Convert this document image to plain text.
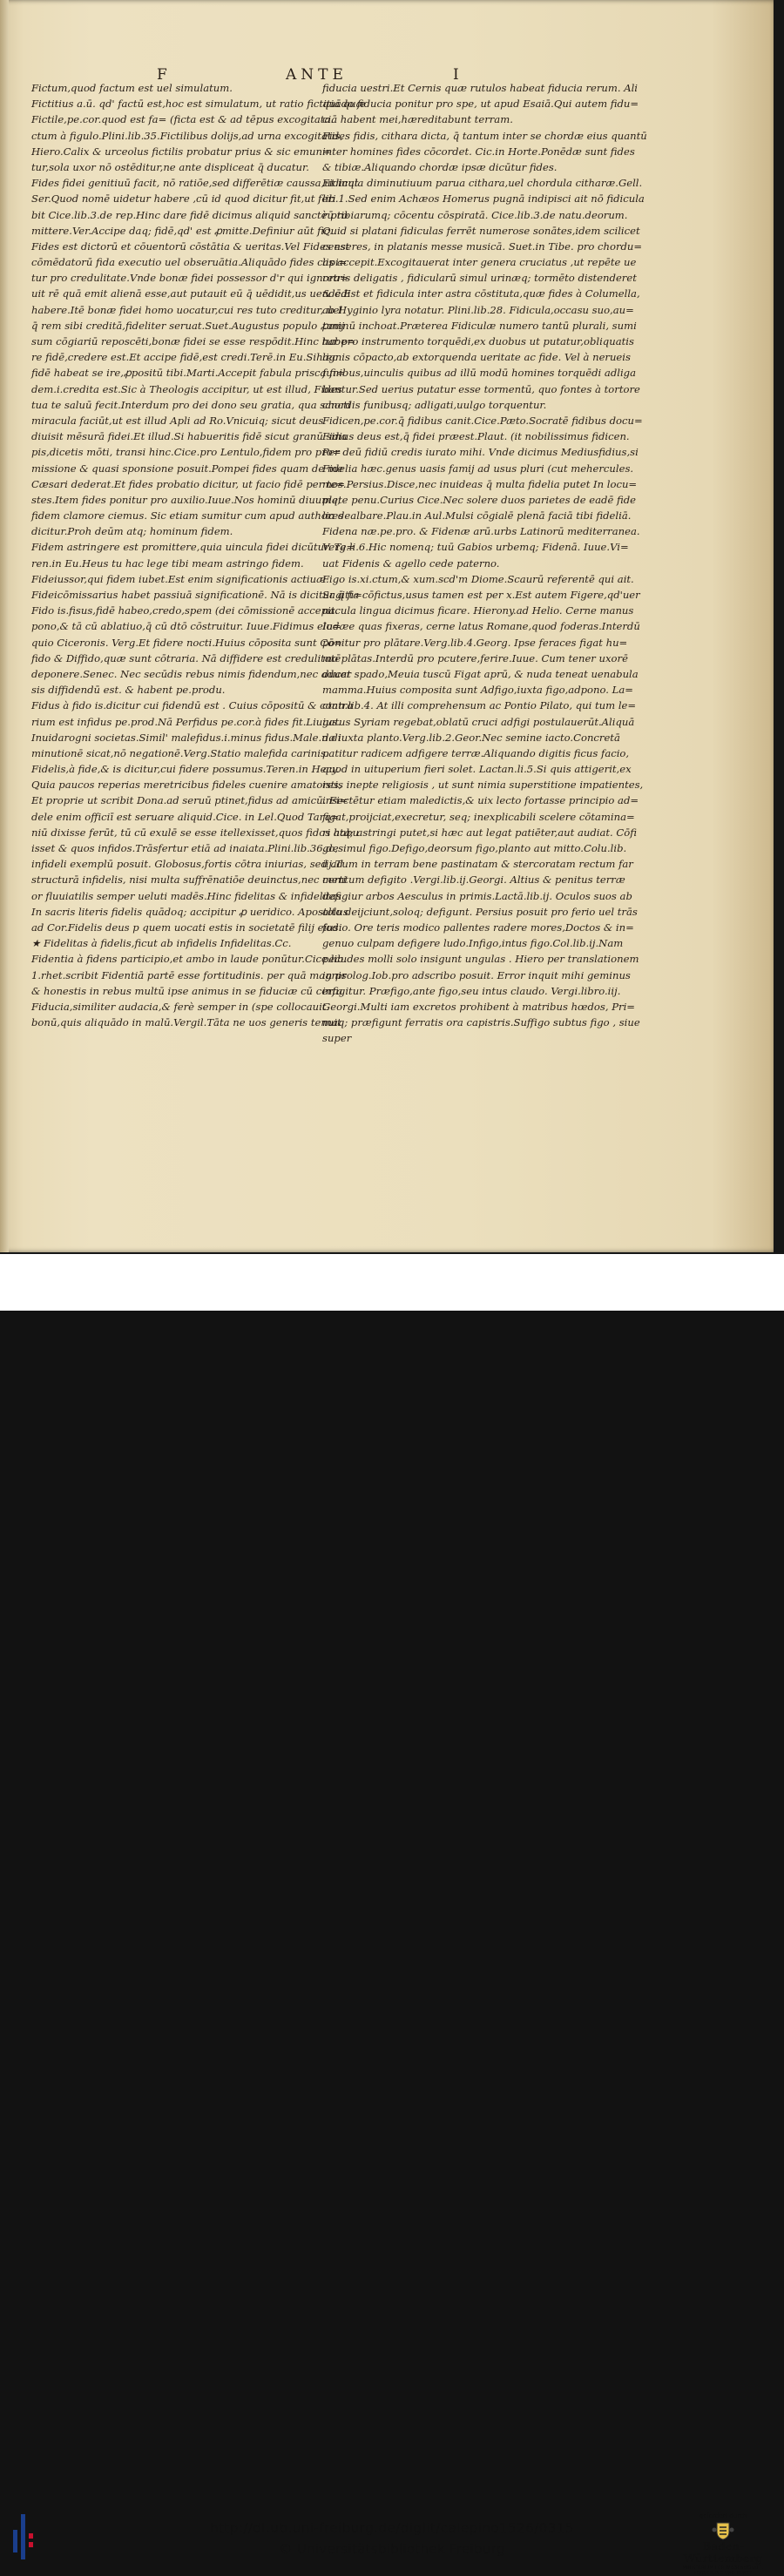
F	ANTE	I
Fictum,quod factum est uel simulatum.
Fictitius a.ū. qd' factū est,hoc est simulatum, ut ratio fictitia quæ
Fictile,pe.cor.quod est fa= (ficta est & ad tēpus excogitata.
ctum à figulo.Plini.lib.35.Fictilibus dolijs,ad urna excogitatis,
Hiero.Calix & urceolus fictilis probatur prius & sic emun=
tur,sola uxor nō ostēditur,ne ante displiceat q̄ ducatur.
Fides fidei genitiuū facit, nō ratiōe,sed differētiæ caussa,ut inqt
Ser.Quod nomē uidetur habere ,cū id quod dicitur fit,ut feri
bit Cice.lib.3.de rep.Hinc dare fidē dicimus aliquid sanctè pro
mittere.Ver.Accipe daq; fidē,qd' est ꝓmitte.Definiur aūt fic.
Fides est dictorū et cōuentorū cōstātia & ueritas.Vel Fides est
cōmēdatorū fida executio uel obseruātia.Aliquādo fides capi=
tur pro credulitate.Vnde bonæ fidei possessor d'r qui ignora=
uit rē quā emit alienā esse,aut putauit eū q̄ uēdidit,us uendēdi
habere.Itē bonæ fidei homo uocatur,cui res tuto creditur, uel
q̄ rem sibi creditā,fideliter seruat.Suet.Augustus populo ꝓmij
sum cōgiariū reposcēti,bonæ fidei se esse respōdit.Hinc habe=
re fidē,credere est.Et accipe fidē,est credi.Terē.in Eu.Sihæc
fidē habeat se ire,ꝓpositū tibi.Marti.Accepit fabula prisca fi=
dem.i.credita est.Sic à Theologis accipitur, ut est illud, Fides
tua te saluū fecit.Interdum pro dei dono seu gratia, qua sancti
miracula faciūt,ut est illud Apli ad Ro.Vnicuiq; sicut deus
diuisit mēsurā fidei.Et illud.Si habueritis fidē sicut granū sina
pis,dicetis mōti, transi hinc.Cice.pro Lentulo,fidem pro pro=
missione & quasi sponsione posuit.Pompei fides quam de me
Cæsari dederat.Et fides probatio dicitur, ut facio fidē per te=
stes.Item fides ponitur pro auxilio.Iuue.Nos hominū diuumq;
fidem clamore ciemus. Sic etiam sumitur cum apud authores
dicitur.Proh deūm atq; hominum fidem.
Fidem astringere est promittere,quia uincula fidei dicūtur. Te=
ren.in Eu.Heus tu hac lege tibi meam astringo fidem.
Fideiussor,qui fidem iubet.Est enim significationis actiuæ.
Fideicōmissarius habet passiuā significationē. Nā is dicitur q̄ fi=
Fido is.fisus,fidē habeo,credo,spem (dei cōmissionē accepit.
pono,& tā cū ablatiuo,q̄ cū dtō cōstruitur. Iuue.Fidimus elo=
quio Ciceronis. Verg.Et fidere nocti.Huius cōposita sunt Cō=
fido & Diffido,quæ sunt cōtraria. Nā diffidere est credulitatē
deponere.Senec. Nec secūdis rebus nimis fidendum,nec aduer
sis diffidendū est. & habent pe.produ.
Fidus à fido is.dicitur cui fidendū est . Cuius cōpositū & contra
rium est infidus pe.prod.Nā Perfidus pe.cor.à fides fit.Liuius.
Inuidarogni societas.Simil' malefidus.i.minus fidus.Male.n.di
minutionē sicat,nō negationē.Verg.Statio malefida carinis.
Fidelis,à fide,& is dicitur,cui fidere possumus.Teren.in Hecy.
Quia paucos reperias meretricibus fideles cuenire amatores,
Et proprie ut scribit Dona.ad seruū ptinet,fidus ad amicū. Fi=
dele enim officiī est seruare aliquid.Cice. in Lel.Quod Tarq=
niū dixisse ferūt, tū cū exulē se esse itellexisset,quos fidos habu
isset & quos infidos.Trāsfertur etiā ad inaiata.Plini.lib.36.de
infideli exemplū posuit. Globosus,fortis cōtra iniurias, sed ad
structurā infidelis, nisi multa suffrēnatiōe deuinctus,nec certi
or fluuiatilis semper ueluti madēs.Hinc fidelitas & infidelitas
In sacris literis fidelis quādoq; accipitur ꝓ ueridico. Apostolus
ad Cor.Fidelis deus p quem uocati estis in societatē filij eius.
★ Fidelitas à fidelis,ficut ab infidelis Infidelitas.Cc.
Fidentia à fidens participio,et ambo in laude ponūtur.Cice.lib.
1.rhet.scribit Fidentiā partē esse fortitudinis. per quā magnis
& honestis in rebus multū ipse animus in se fiduciæ cū certa
Fiducia,similiter audacia,& ferè semper in (spe collocauit.
bonū,quis aliquādo in malū.Vergil.Tāta ne uos generis tenuit
fiducia uestri.Et Cernis quæ rutulos habeat fiducia rerum. Ali
quādo fiducia ponitur pro spe, ut apud Esaiā.Qui autem fidu=
ciā habent mei,hæreditabunt terram.
Fides fidis, cithara dicta, q̄ tantum inter se chordæ eius quantū
inter homines fides cōcordet. Cic.in Horte.Ponēdæ sunt fides
& tibiæ.Aliquando chordæ ipsæ dicūtur fides.
Fidicula diminutiuum parua cithara,uel chordula citharæ.Gell.
lib.1.Sed enim Achæos Homerus pugnā indipisci ait nō fidicula
rū tibiarumq; cōcentu cōspiratā. Cice.lib.3.de natu.deorum.
Quid si platani fidiculas ferrēt numerose sonātes,idem scilicet
censeres, in platanis messe musicā. Suet.in Tibe. pro chordu=
lis accepit.Excogitauerat inter genera cruciatus ,ut repēte ue
retris deligatis , fidicularū simul urinæq; tormēto distenderet
& c.Est et fidicula inter astra cōstituta,quæ fides à Columella,
ab Hyginio lyra notatur. Plini.lib.28. Fidicula,occasu suo,au=
tumnū inchoat.Præterea Fidiculæ numero tantū plurali, sumi
tur pro instrumento torquēdi,ex duobus ut putatur,obliquatis
lignis cōpacto,ab extorquenda ueritate ac fide. Vel à nerueis
funibus,uinculis quibus ad illū modū homines torquēdi adliga
bantur.Sed uerius putatur esse tormentū, quo fontes à tortore
chordis funibusq; adligati,uulgo torquentur.
Fidicen,pe.cor.q̄ fidibus canit.Cice.Pæto.Socratē fidibus docu=
Fidius deus est,q̄ fidei præest.Plaut. (it nobilissimus fidicen.
Per deū fidiū credis iurato mihi. Vnde dicimus Mediusfidius,si
Fidelia hæc.genus uasis famij ad usus pluri (cut mehercules.
mos.Persius.Disce,nec inuideas q̄ multa fidelia putet In locu=
plete penu.Curius Cice.Nec solere duos parietes de eadē fide
lia dealbare.Plau.in Aul.Mulsi cōgialē plenā faciā tibi fideliā.
Fidena næ.pe.pro. & Fidenæ arū.urbs Latinorū mediterranea.
Verg.li.6.Hic nomenq; tuū Gabios urbemq; Fidenā. Iuue.Vi=
uat Fidenis & agello cede paterno.
Figo is.xi.ctum,& xum.scd'm Diome.Scaurū referentē qui ait.
Sagitta cōfictus,usus tamen est per x.Est autem Figere,qd'uer
nacula lingua dicimus ficare. Hierony.ad Helio. Cerne manus
Iudæe quas fixeras, cerne latus Romane,quod foderas.Interdū
ponitur pro plātare.Verg.lib.4.Georg. Ipse feraces figat hu=
mo plātas.Interdū pro pcutere,ferire.Iuue. Cum tener uxorē
ducat spado,Meuia tuscū Figat aprū, & nuda teneat uenabula
mamma.Huius composita sunt Adfigo,iuxta figo,adpono. La=
ctan.lib.4. At illi comprehensum ac Pontio Pilato, qui tum le=
gatus Syriam regebat,oblatū cruci adfigi postulauerūt.Aliquā
do iuxta planto.Verg.lib.2.Geor.Nec semine iacto.Concretā
patitur radicem adfigere terræ.Aliquando digitis ficus facio,
quod in uituperium fieri solet. Lactan.li.5.Si quis attigerit,ex
istis inepte religiosis , ut sunt nimia superstitione impatientes,
insectētur etiam maledictis,& uix lecto fortasse principio ad=
figat,proijciat,execretur, seq; inexplicabili scelere cōtamina=
ri atq; astringi putet,si hæc aut legat patiēter,aut audiat. Cōfi
go,simul figo.Defigo,deorsum figo,planto aut mitto.Colu.lib.
iij.Tum in terram bene pastinatam & stercoratam rectum far
mentum defigito .Vergi.lib.ij.Georgi. Altius & penitus terræ
defigiur arbos Aesculus in primis.Lactā.lib.ij. Oculos suos ab
alto deijciunt,soloq; defigunt. Persius posuit pro ferio uel trās
fodio. Ore teris modico pallentes radere mores,Doctos & in=
genuo culpam defigere ludo.Infigo,intus figo.Col.lib.ij.Nam
pecudes molli solo insigunt ungulas . Hiero per translationem
in prolog.Iob.pro adscribo posuit. Error inquit mihi geminus
infigitur. Præfigo,ante figo,seu intus claudo. Vergi.libro.iij.
Georgi.Multi iam excretos prohibent à matribus hœdos, Pri=
maq; præfigunt ferratis ora capistris.Suffigo subtus figo , siue
super
http://dl.ub.uni-freiburg.de/diglit/calepino1526/0315
© Universitätsbibliothek Freiburg
gefördert durch
Baden-Württemberg
MINISTERIUM FÜR WISSENSCHAFT, FORSCHUNG UND KUNST
